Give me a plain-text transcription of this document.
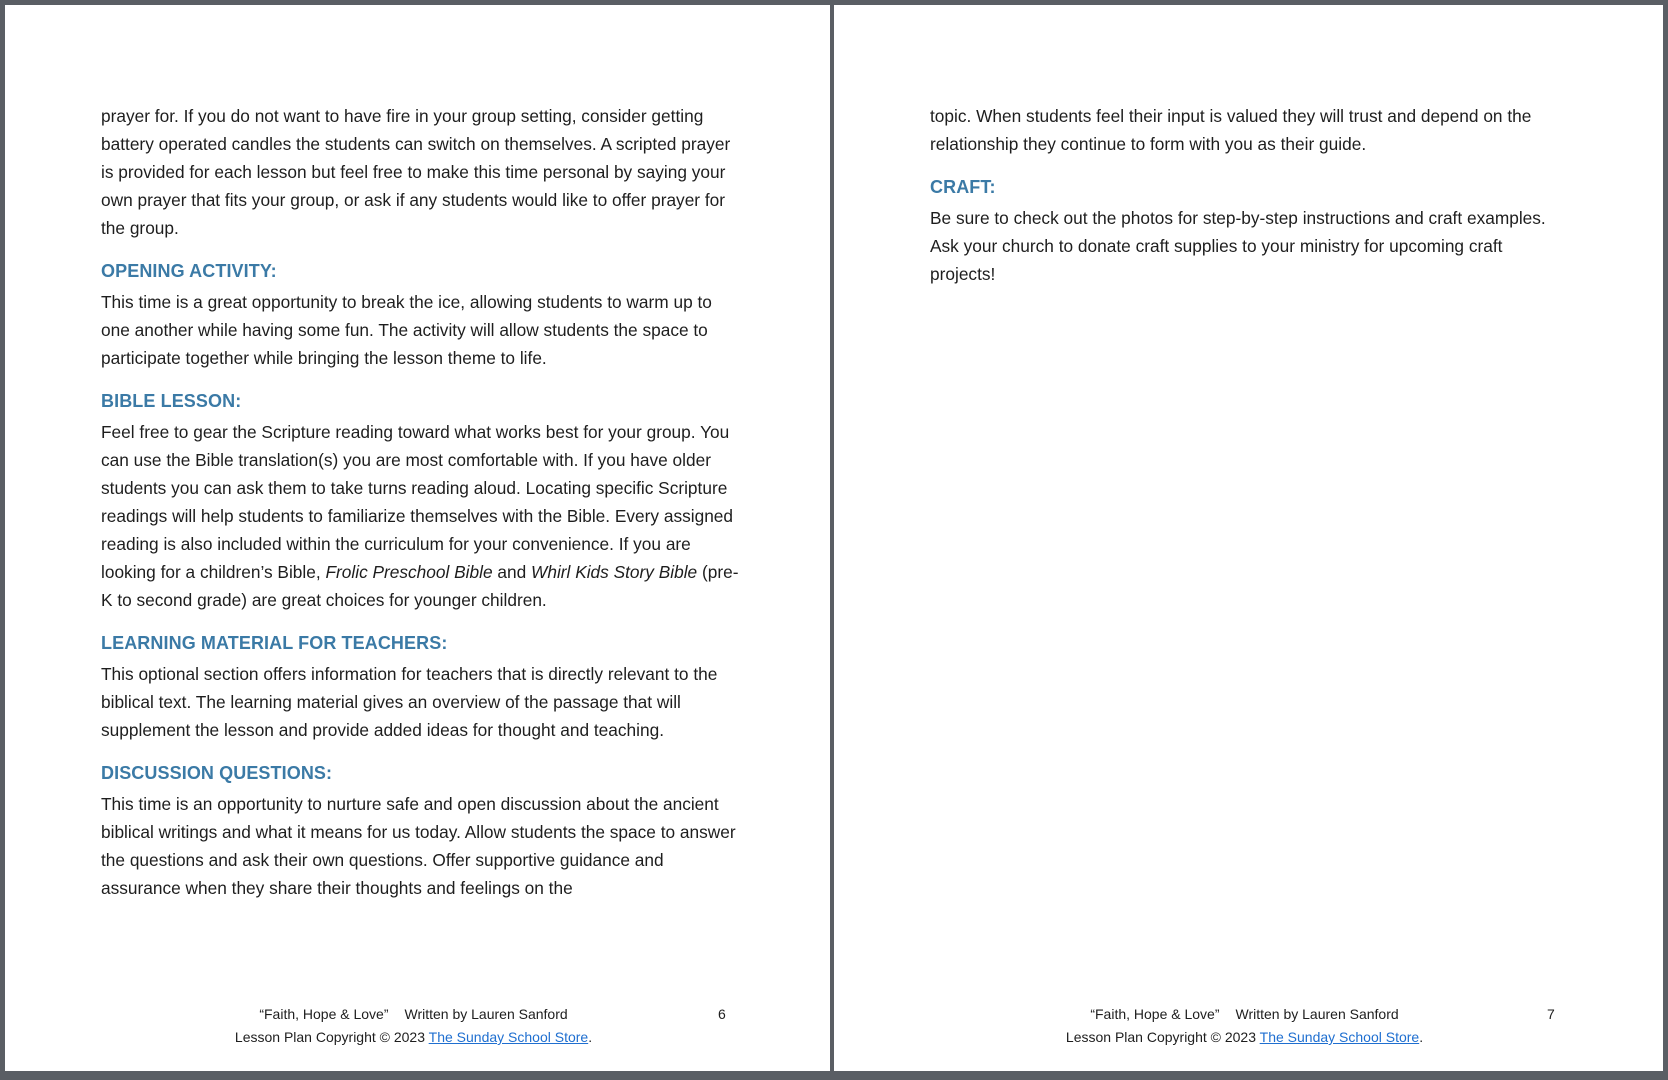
prayer for. If you do not want to have fire in your group setting, consider getting battery operated candles the students can switch on themselves. A scripted prayer is provided for each lesson but feel free to make this time personal by saying your own prayer that fits your group, or ask if any students would like to offer prayer for the group.

OPENING ACTIVITY:

This time is a great opportunity to break the ice, allowing students to warm up to one another while having some fun. The activity will allow students the space to participate together while bringing the lesson theme to life.

BIBLE LESSON:

Feel free to gear the Scripture reading toward what works best for your group. You can use the Bible translation(s) you are most comfortable with. If you have older students you can ask them to take turns reading aloud. Locating specific Scripture readings will help students to familiarize themselves with the Bible. Every assigned reading is also included within the curriculum for your convenience. If you are looking for a children’s Bible, Frolic Preschool Bible and Whirl Kids Story Bible (pre-K to second grade) are great choices for younger children.

LEARNING MATERIAL FOR TEACHERS:

This optional section offers information for teachers that is directly relevant to the biblical text. The learning material gives an overview of the passage that will supplement the lesson and provide added ideas for thought and teaching.

DISCUSSION QUESTIONS:

This time is an opportunity to nurture safe and open discussion about the ancient biblical writings and what it means for us today. Allow students the space to answer the questions and ask their own questions. Offer supportive guidance and assurance when they share their thoughts and feelings on the

“Faith, Hope & Love” Written by Lauren Sanford	6
Lesson Plan Copyright © 2023 The Sunday School Store.

topic. When students feel their input is valued they will trust and depend on the relationship they continue to form with you as their guide.

CRAFT:

Be sure to check out the photos for step-by-step instructions and craft examples. Ask your church to donate craft supplies to your ministry for upcoming craft projects!

“Faith, Hope & Love” Written by Lauren Sanford	7
Lesson Plan Copyright © 2023 The Sunday School Store.
